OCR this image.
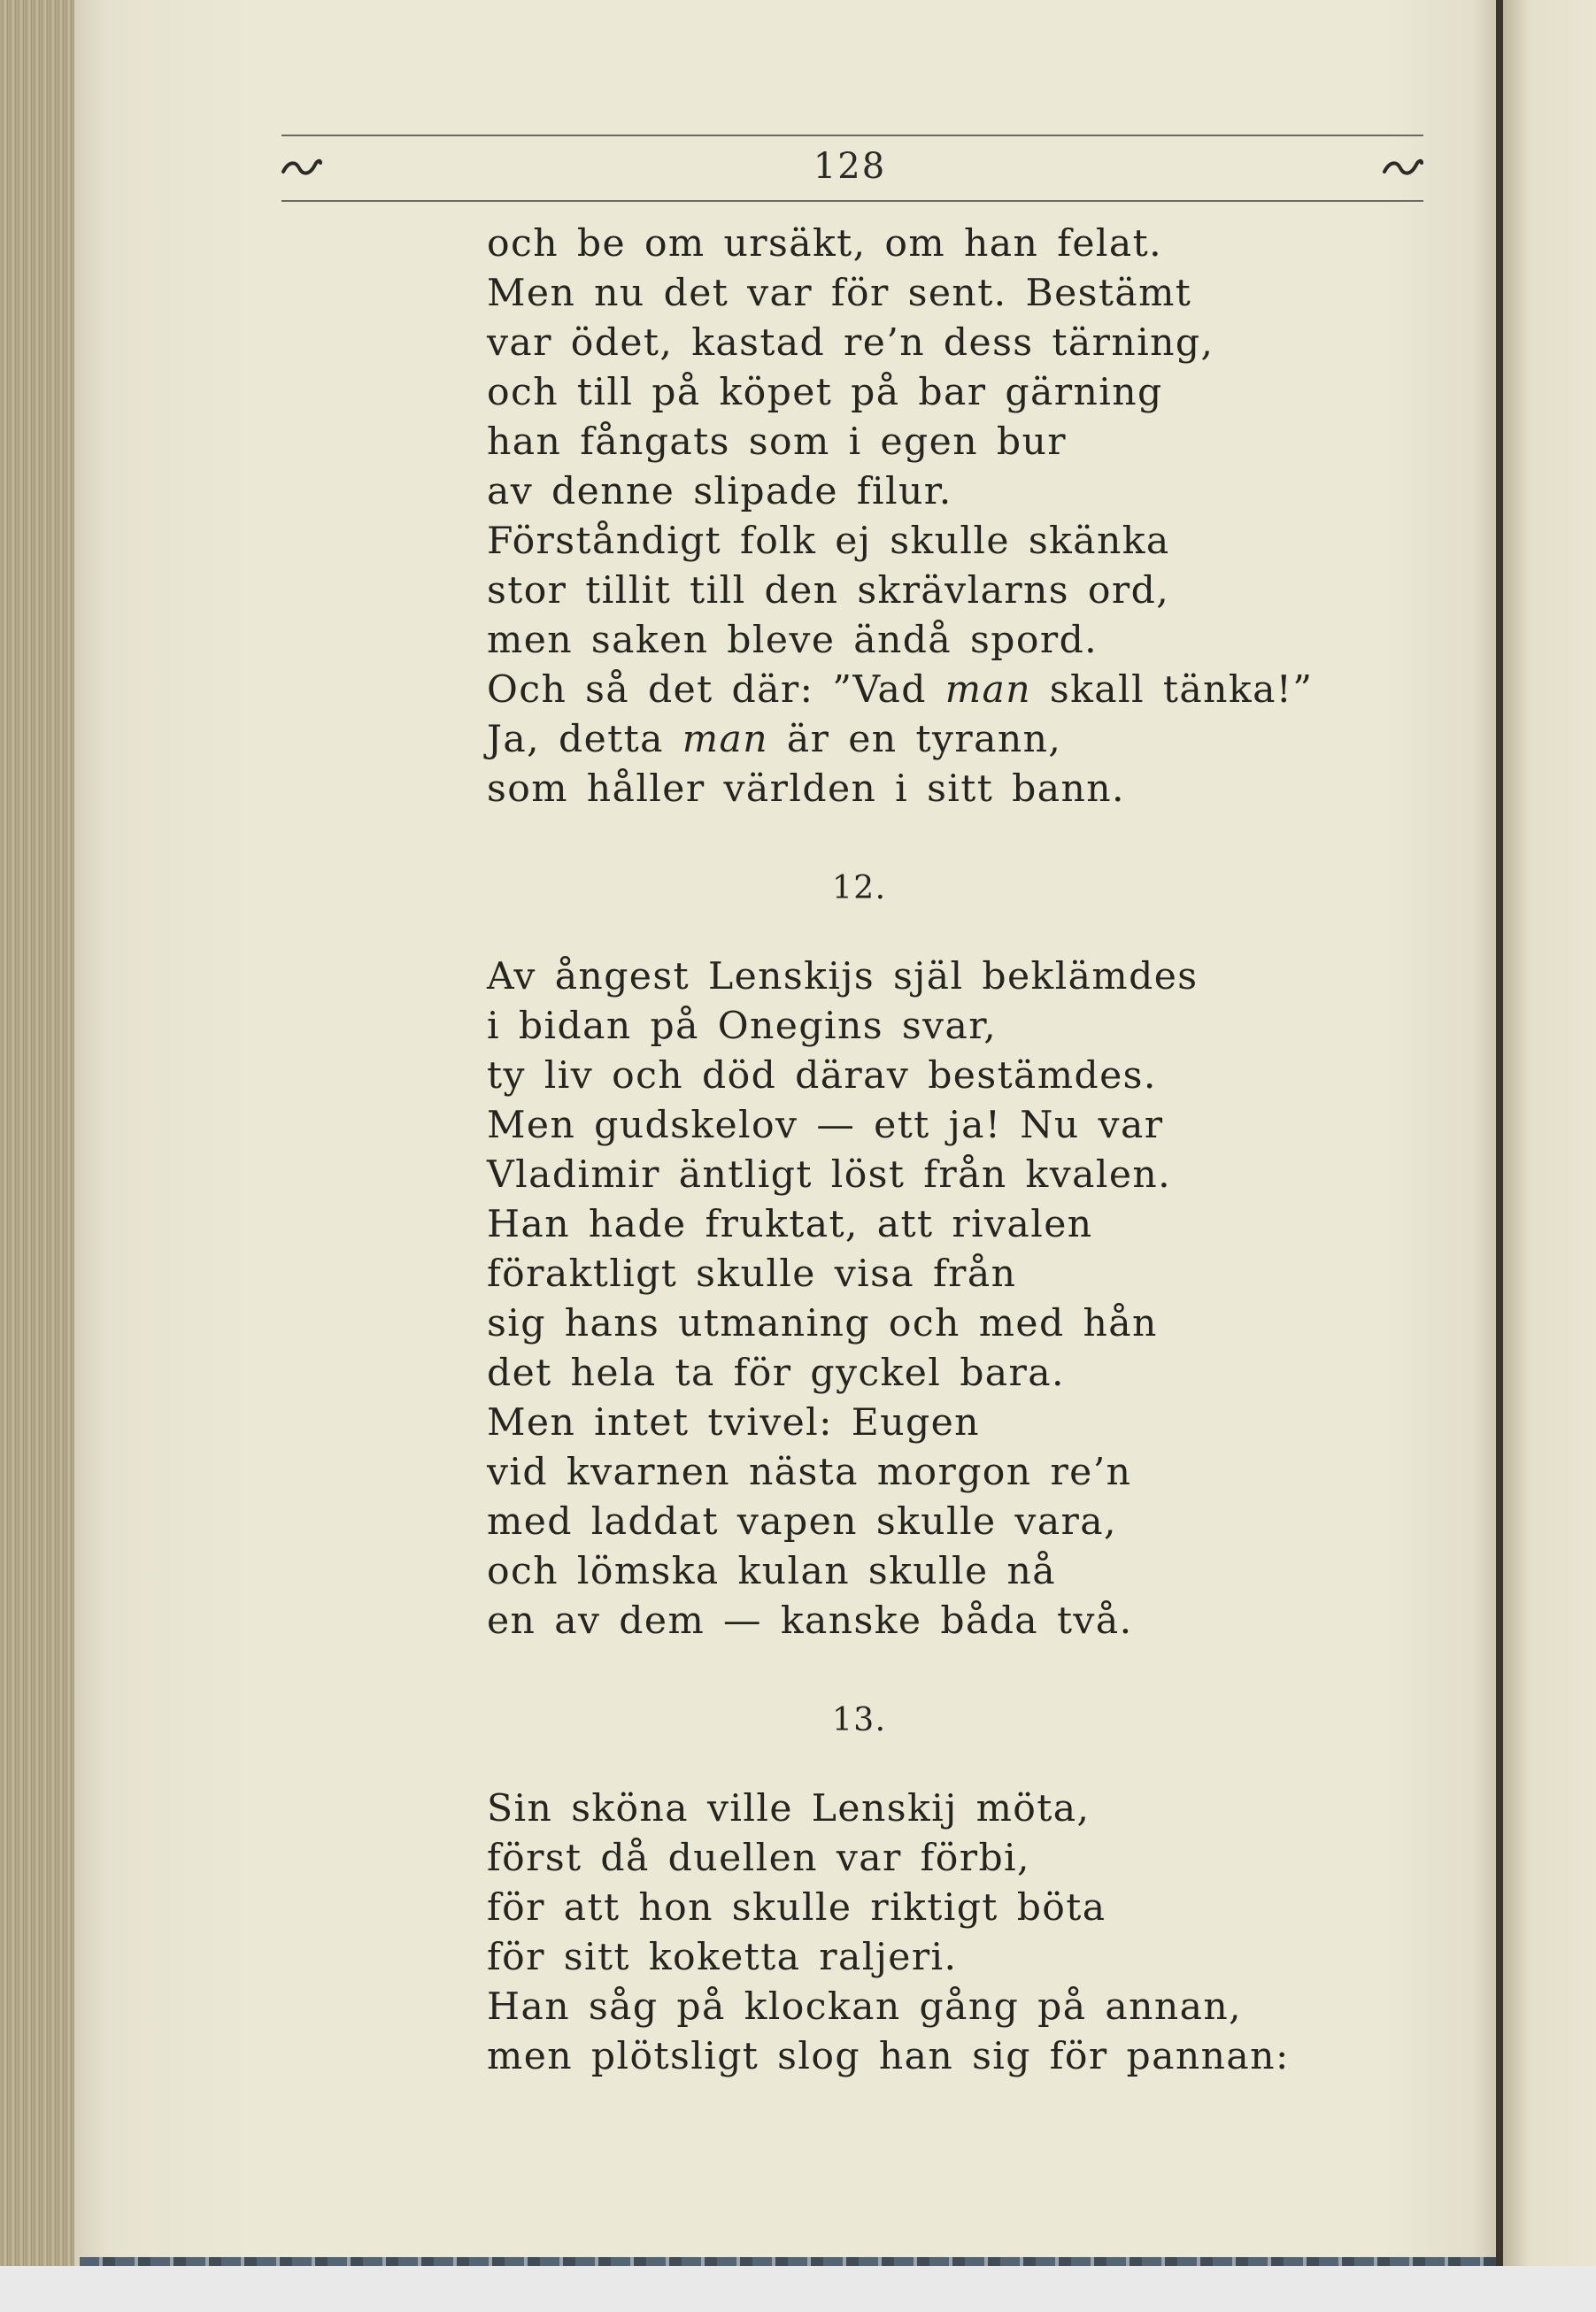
128
och be om ursäkt, om han felat.
Men nu det var för sent. Bestämt
var ödet, kastad re’n dess tärning,
och till på köpet på bar gärning
han fångats som i egen bur
av denne slipade filur.
Förståndigt folk ej skulle skänka
stor tillit till den skrävlarns ord,
men saken bleve ändå spord.
Och så det där: ”Vad man skall tänka!”
Ja, detta man är en tyrann,
som håller världen i sitt bann.
12.
Av ångest Lenskijs själ beklämdes
i bidan på Onegins svar,
ty liv och död därav bestämdes.
Men gudskelov — ett ja! Nu var
Vladimir äntligt löst från kvalen.
Han hade fruktat, att rivalen
föraktligt skulle visa från
sig hans utmaning och med hån
det hela ta för gyckel bara.
Men intet tvivel: Eugen
vid kvarnen nästa morgon re’n
med laddat vapen skulle vara,
och lömska kulan skulle nå
en av dem — kanske båda två.
13.
Sin sköna ville Lenskij möta,
först då duellen var förbi,
för att hon skulle riktigt böta
för sitt koketta raljeri.
Han såg på klockan gång på annan,
men plötsligt slog han sig för pannan:
